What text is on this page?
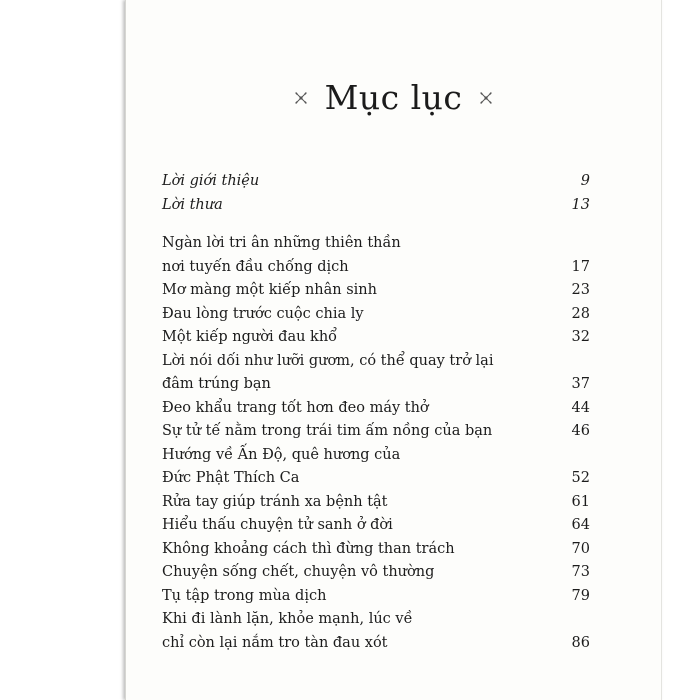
Mục lục
Lời giới thiệu	9
Lời thưa	13
Ngàn lời tri ân những thiên thần
nơi tuyến đầu chống dịch	17
Mơ màng một kiếp nhân sinh	23
Đau lòng trước cuộc chia ly	28
Một kiếp người đau khổ	32
Lời nói dối như lưỡi gươm, có thể quay trở lại
đâm trúng bạn	37
Đeo khẩu trang tốt hơn đeo máy thở	44
Sự tử tế nằm trong trái tim ấm nồng của bạn	46
Hướng về Ấn Độ, quê hương của
Đức Phật Thích Ca	52
Rửa tay giúp tránh xa bệnh tật	61
Hiểu thấu chuyện tử sanh ở đời	64
Không khoảng cách thì đừng than trách	70
Chuyện sống chết, chuyện vô thường	73
Tụ tập trong mùa dịch	79
Khi đi lành lặn, khỏe mạnh, lúc về
chỉ còn lại nắm tro tàn đau xót	86
